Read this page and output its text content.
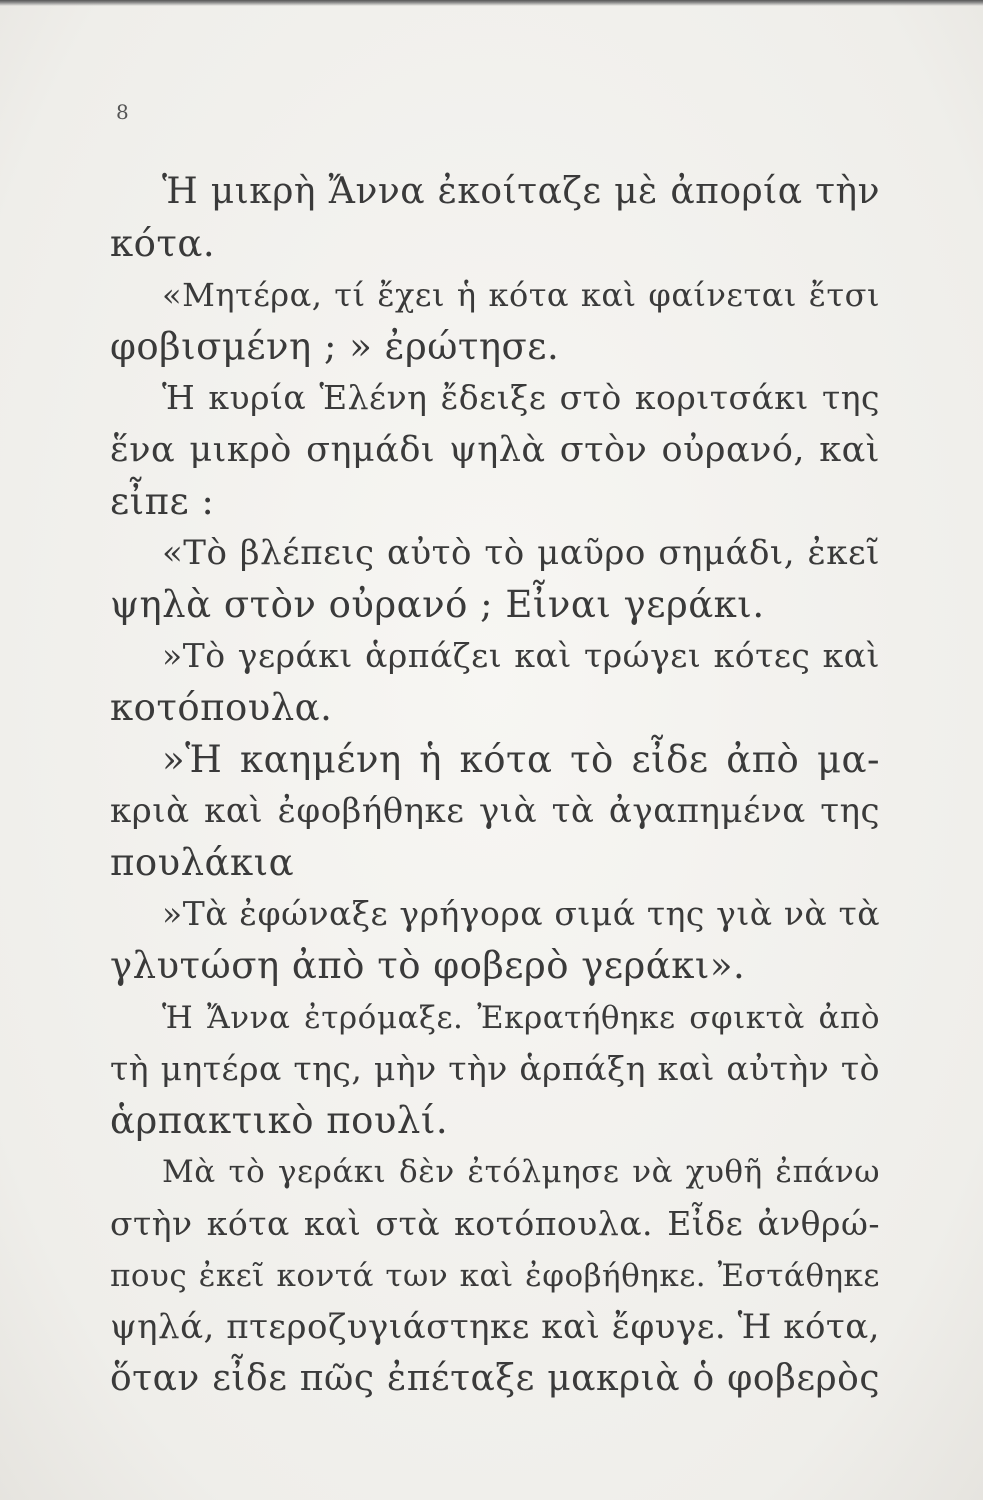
8
Ἡ μικρὴ Ἄννα ἐκοίταζε μὲ ἀπορία τὴν
κότα.
«Μητέρα, τί ἔχει ἡ κότα καὶ φαίνεται ἔτσι
φοβισμένη ; » ἐρώτησε.
Ἡ κυρία Ἑλένη ἔδειξε στὸ κοριτσάκι της
ἕνα μικρὸ σημάδι ψηλὰ στὸν οὐρανό, καὶ
εἶπε :
«Τὸ βλέπεις αὐτὸ τὸ μαῦρο σημάδι, ἐκεῖ
ψηλὰ στὸν οὐρανό ; Εἶναι γεράκι.
»Τὸ γεράκι ἁρπάζει καὶ τρώγει κότες καὶ
κοτόπουλα.
»Ἡ καημένη ἡ κότα τὸ εἶδε ἀπὸ μα-
κριὰ καὶ ἐφοβήθηκε γιὰ τὰ ἀγαπημένα της
πουλάκια
»Τὰ ἐφώναξε γρήγορα σιμά της γιὰ νὰ τὰ
γλυτώση ἀπὸ τὸ φοβερὸ γεράκι».
Ἡ Ἄννα ἐτρόμαξε. Ἐκρατήθηκε σφικτὰ ἀπὸ
τὴ μητέρα της, μὴν τὴν ἁρπάξη καὶ αὐτὴν τὸ
ἁρπακτικὸ πουλί.
Μὰ τὸ γεράκι δὲν ἐτόλμησε νὰ χυθῆ ἐπάνω
στὴν κότα καὶ στὰ κοτόπουλα. Εἶδε ἀνθρώ-
πους ἐκεῖ κοντά των καὶ ἐφοβήθηκε. Ἐστάθηκε
ψηλά, πτεροζυγιάστηκε καὶ ἔφυγε. Ἡ κότα,
ὅταν εἶδε πῶς ἐπέταξε μακριὰ ὁ φοβερὸς
